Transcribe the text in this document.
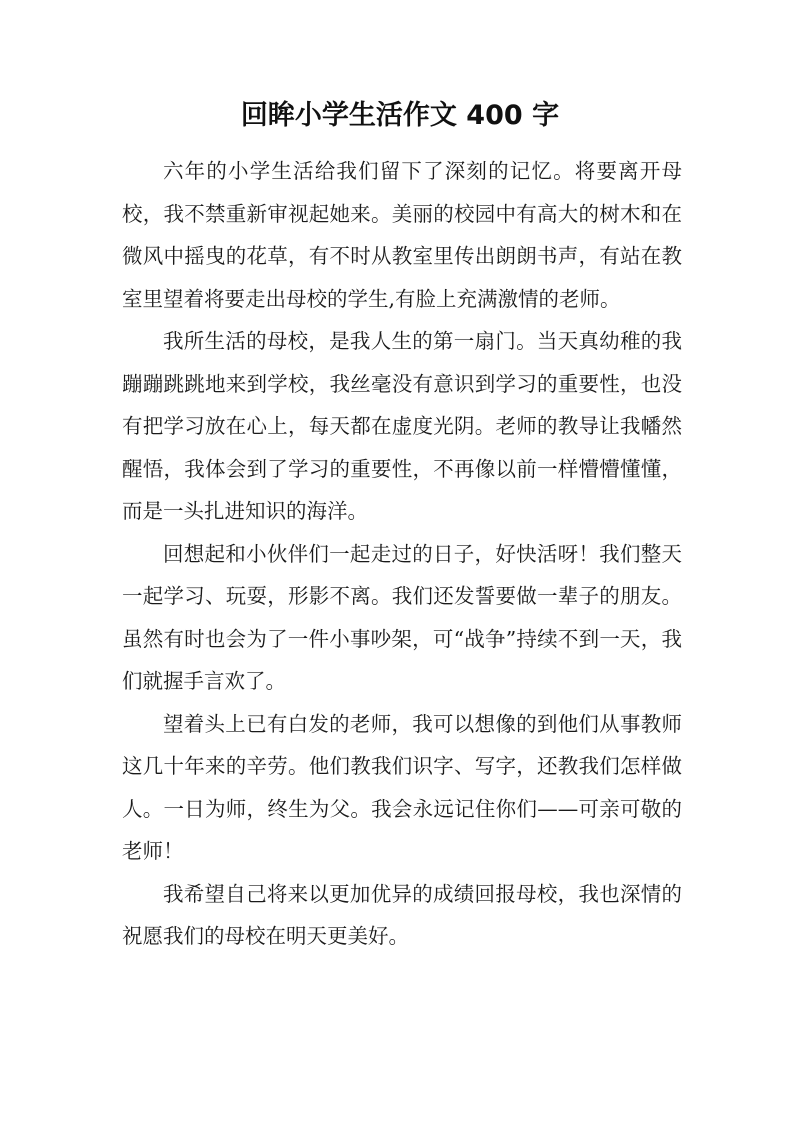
回眸小学生活作文 400 字

六年的小学生活给我们留下了深刻的记忆。将要离开母校，我不禁重新审视起她来。美丽的校园中有高大的树木和在微风中摇曳的花草，有不时从教室里传出朗朗书声，有站在教室里望着将要走出母校的学生,有脸上充满激情的老师。

我所生活的母校，是我人生的第一扇门。当天真幼稚的我蹦蹦跳跳地来到学校，我丝毫没有意识到学习的重要性，也没有把学习放在心上，每天都在虚度光阴。老师的教导让我幡然醒悟，我体会到了学习的重要性，不再像以前一样懵懵懂懂，而是一头扎进知识的海洋。

回想起和小伙伴们一起走过的日子，好快活呀！我们整天一起学习、玩耍，形影不离。我们还发誓要做一辈子的朋友。虽然有时也会为了一件小事吵架，可“战争”持续不到一天，我们就握手言欢了。

望着头上已有白发的老师，我可以想像的到他们从事教师这几十年来的辛劳。他们教我们识字、写字，还教我们怎样做人。一日为师，终生为父。我会永远记住你们——可亲可敬的老师！

我希望自己将来以更加优异的成绩回报母校，我也深情的祝愿我们的母校在明天更美好。
